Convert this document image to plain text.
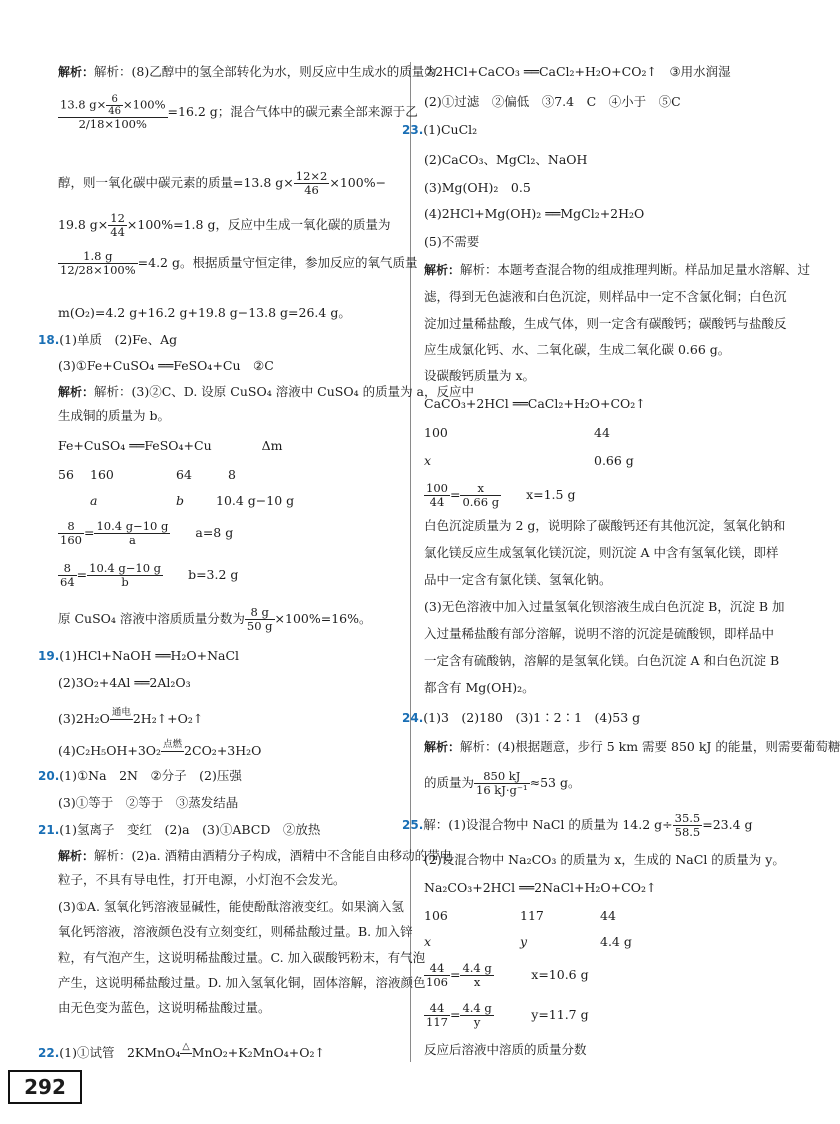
解析：解析：(8)乙醇中的氢全部转化为水，则反应中生成水的质量为
$\frac{13.8 g\times \frac{6}{46} \times 100\%}{2/18\times 100\%} =16.2$ g；混合气体中的碳元素全部来源于乙
醇，则一氧化碳中碳元素的质量=13.8 $g\times \frac{12\times 2}{46} \times 100\%-$
19.8 $g\times \frac{12}{44} \times 100\%=1.8$ g，反应中生成一氧化碳的质量为
$\frac{1.8 g}{12/28\times 100\%} =4.2$ g。根据质量守恒定律，参加反应的氧气质量
m(O₂)=4.2 g+16.2 g+19.8 g−13.8 g=26.4 g。
18.(1)单质　(2)Fe、Ag
(3)①Fe+CuSO₄ ══FeSO₄+Cu　②C
解析：解析：(3)②C、D. 设原 CuSO₄ 溶液中 CuSO₄ 的质量为 a，反应中
生成铜的质量为 b。
Fe+CuSO₄ ══FeSO₄+Cu　　　　Δm
56 160	64	8
a	b	10.4 g−10 g
$\frac{8}{160} = \frac{10.4 g-10 g}{a}$
　　 a=8 g
$\frac{8}{64} = \frac{10.4 g-10 g}{b}$
　　 b=3.2 g
原 CuSO₄ 溶液中溶质质量分数为 $\frac{8 g}{50 g} \times 100\%=16\%$。
19.(1)HCl+NaOH ══H₂O+NaCl
(2)3O₂+4Al ══2Al₂O₃
(3)2H₂O 通电
2H₂↑+O₂↑
(4)C₂H₅OH+3O₂ 点燃
2CO₂+3H₂O
20.(1)①Na　2N　②分子　(2)压强
(3)①等于　②等于　③蒸发结晶
21.(1)氢离子　变红　(2)a　(3)①ABCD　②放热
解析：解析：(2)a. 酒精由酒精分子构成，酒精中不含能自由移动的带电
粒子，不具有导电性，打开电源，小灯泡不会发光。
(3)①A. 氢氧化钙溶液显碱性，能使酚酞溶液变红。如果滴入氢
氧化钙溶液，溶液颜色没有立刻变红，则稀盐酸过量。B. 加入锌
粒，有气泡产生，这说明稀盐酸过量。C. 加入碳酸钙粉末，有气泡
产生，这说明稀盐酸过量。D. 加入氢氧化铜，固体溶解，溶液颜色
由无色变为蓝色，这说明稀盐酸过量。
22.(1)①试管　2KMnO₄ △
MnO₂+K₂MnO₄+O₂↑
②2HCl+CaCO₃ ══CaCl₂+H₂O+CO₂↑　③用水润湿
(2)①过滤　②偏低　③7.4　C　④小于　⑤C
23.(1)CuCl₂
(2)CaCO₃、MgCl₂、NaOH
(3)Mg(OH)₂　0.5
(4)2HCl+Mg(OH)₂ ══MgCl₂+2H₂O
(5)不需要
解析：解析：本题考查混合物的组成推理判断。样品加足量水溶解、过
滤，得到无色滤液和白色沉淀，则样品中一定不含氯化铜；白色沉
淀加过量稀盐酸，生成气体，则一定含有碳酸钙；碳酸钙与盐酸反
应生成氯化钙、水、二氧化碳，生成二氧化碳 0.66 g。
设碳酸钙质量为 x。
CaCO₃+2HCl ══CaCl₂+H₂O+CO₂↑
100	44
x	0.66 g
$\frac{100}{44} = \frac{x}{0.66 g}$
　　 x=1.5 g
白色沉淀质量为 2 g，说明除了碳酸钙还有其他沉淀，氢氧化钠和
氯化镁反应生成氢氧化镁沉淀，则沉淀 A 中含有氢氧化镁，即样
品中一定含有氯化镁、氢氧化钠。
(3)无色溶液中加入过量氢氧化钡溶液生成白色沉淀 B，沉淀 B 加
入过量稀盐酸有部分溶解，说明不溶的沉淀是硫酸钡，即样品中
一定含有硫酸钠，溶解的是氢氧化镁。白色沉淀 A 和白色沉淀 B
都含有 Mg(OH)₂。
24.(1)3　(2)180　(3)1∶2∶1　(4)53 g
解析：解析：(4)根据题意，步行 5 km 需要 850 kJ 的能量，则需要葡萄糖
的质量为 $\frac{850 kJ}{\text{16 kJ·g⁻¹}} \approx 53$ g。
25.解：(1)设混合物中 NaCl 的质量为 14.2 $g\div \frac{35.5}{58.5} =23.4$ g
(2)设混合物中 Na₂CO₃ 的质量为 x，生成的 NaCl 的质量为 y。
Na₂CO₃+2HCl ══2NaCl+H₂O+CO₂↑
106	117	44
x	y	4.4 g
$\frac{44}{106} = \frac{4.4 g}{x}$
　　　	x=10.6 g
$\frac{44}{117} = \frac{4.4 g}{y}$
　　　	y=11.7 g
反应后溶液中溶质的质量分数
292
